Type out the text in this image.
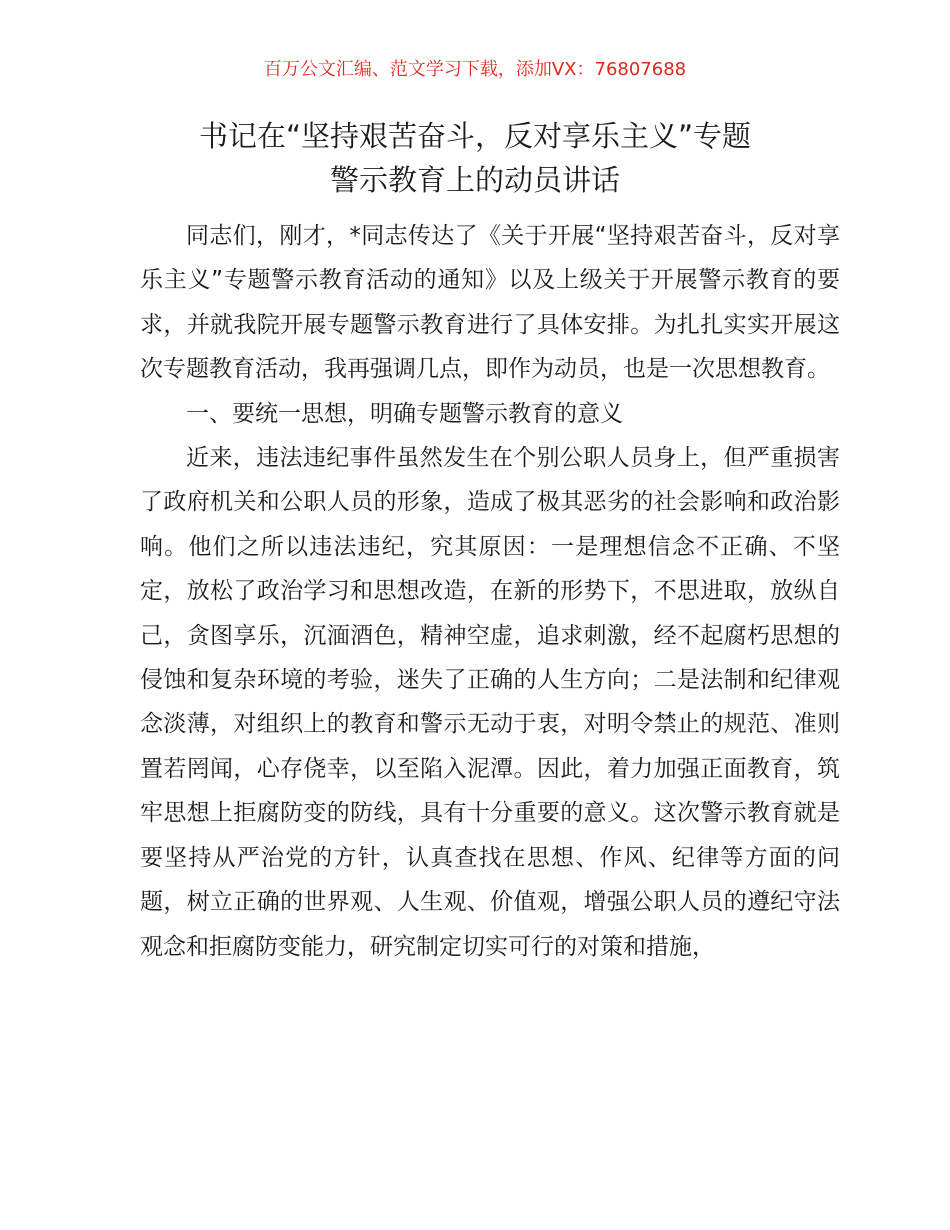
百万公文汇编、范文学习下载，添加VX：76807688
书记在“坚持艰苦奋斗，反对享乐主义”专题
警示教育上的动员讲话

同志们，刚才，*同志传达了《关于开展“坚持艰苦奋斗，反对享乐主义”专题警示教育活动的通知》以及上级关于开展警示教育的要求，并就我院开展专题警示教育进行了具体安排。为扎扎实实开展这次专题教育活动，我再强调几点，即作为动员，也是一次思想教育。

一、要统一思想，明确专题警示教育的意义

近来，违法违纪事件虽然发生在个别公职人员身上，但严重损害了政府机关和公职人员的形象，造成了极其恶劣的社会影响和政治影响。他们之所以违法违纪，究其原因：一是理想信念不正确、不坚定，放松了政治学习和思想改造，在新的形势下，不思进取，放纵自己，贪图享乐，沉湎酒色，精神空虚，追求刺激，经不起腐朽思想的侵蚀和复杂环境的考验，迷失了正确的人生方向；二是法制和纪律观念淡薄，对组织上的教育和警示无动于衷，对明令禁止的规范、准则置若罔闻，心存侥幸，以至陷入泥潭。因此，着力加强正面教育，筑牢思想上拒腐防变的防线，具有十分重要的意义。这次警示教育就是要坚持从严治党的方针，认真查找在思想、作风、纪律等方面的问题，树立正确的世界观、人生观、价值观，增强公职人员的遵纪守法观念和拒腐防变能力，研究制定切实可行的对策和措施，
